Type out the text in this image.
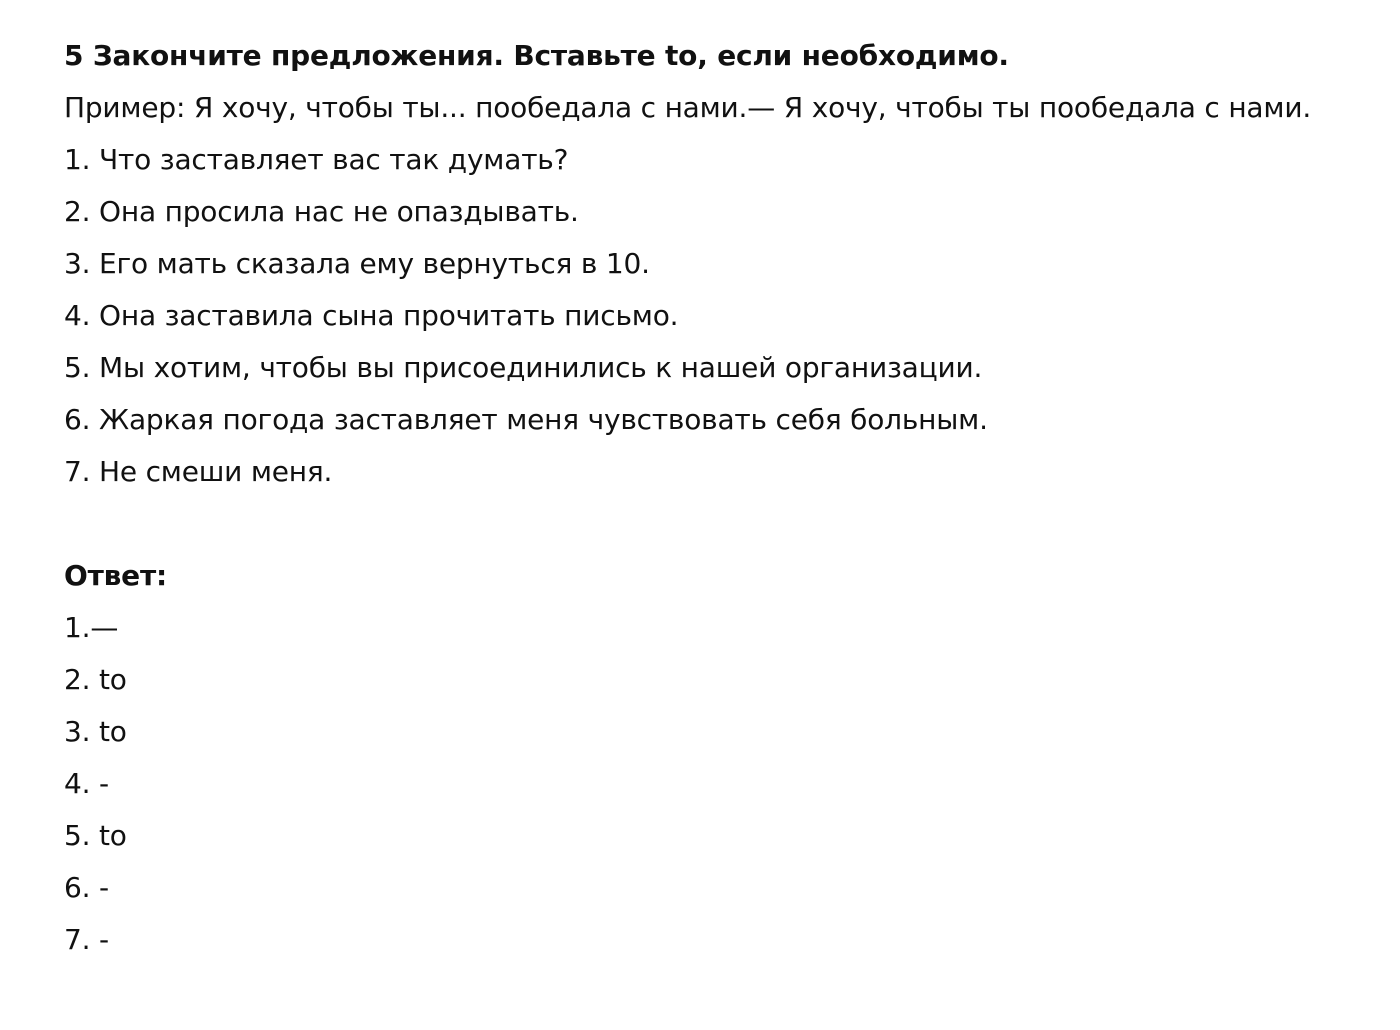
5 Закончите предложения. Вставьте to, если необходимо.

Пример: Я хочу, чтобы ты... пообедала с нами.— Я хочу, чтобы ты пообедала с нами.

1. Что заставляет вас так думать?
2. Она просила нас не опаздывать.
3. Его мать сказала ему вернуться в 10.
4. Она заставила сына прочитать письмо.
5. Мы хотим, чтобы вы присоединились к нашей организации.
6. Жаркая погода заставляет меня чувствовать себя больным.
7. Не смеши меня.

Ответ:

1.—
2. to
3. to
4. -
5. to
6. -
7. -
